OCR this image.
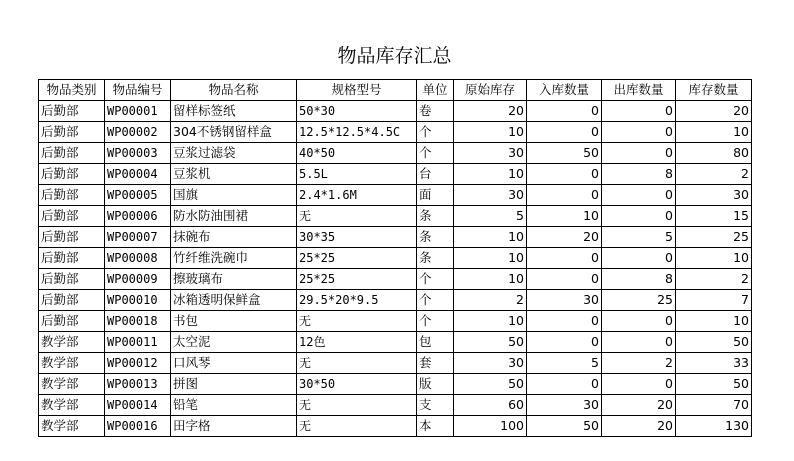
物品库存汇总
物品类别	物品编号	物品名称	规格型号	单位	原始库存	入库数量	出库数量	库存数量
后勤部	WP00001	留样标签纸	50*30	卷	20	0	0	20
后勤部	WP00002	304不锈钢留样盒	12.5*12.5*4.5C	个	10	0	0	10
后勤部	WP00003	豆浆过滤袋	40*50	个	30	50	0	80
后勤部	WP00004	豆浆机	5.5L	台	10	0	8	2
后勤部	WP00005	国旗	2.4*1.6M	面	30	0	0	30
后勤部	WP00006	防水防油围裙	无	条	5	10	0	15
后勤部	WP00007	抹碗布	30*35	条	10	20	5	25
后勤部	WP00008	竹纤维洗碗巾	25*25	条	10	0	0	10
后勤部	WP00009	擦玻璃布	25*25	个	10	0	8	2
后勤部	WP00010	冰箱透明保鲜盒	29.5*20*9.5	个	2	30	25	7
后勤部	WP00018	书包	无	个	10	0	0	10
教学部	WP00011	太空泥	12色	包	50	0	0	50
教学部	WP00012	口风琴	无	套	30	5	2	33
教学部	WP00013	拼图	30*50	版	50	0	0	50
教学部	WP00014	铅笔	无	支	60	30	20	70
教学部	WP00016	田字格	无	本	100	50	20	130
